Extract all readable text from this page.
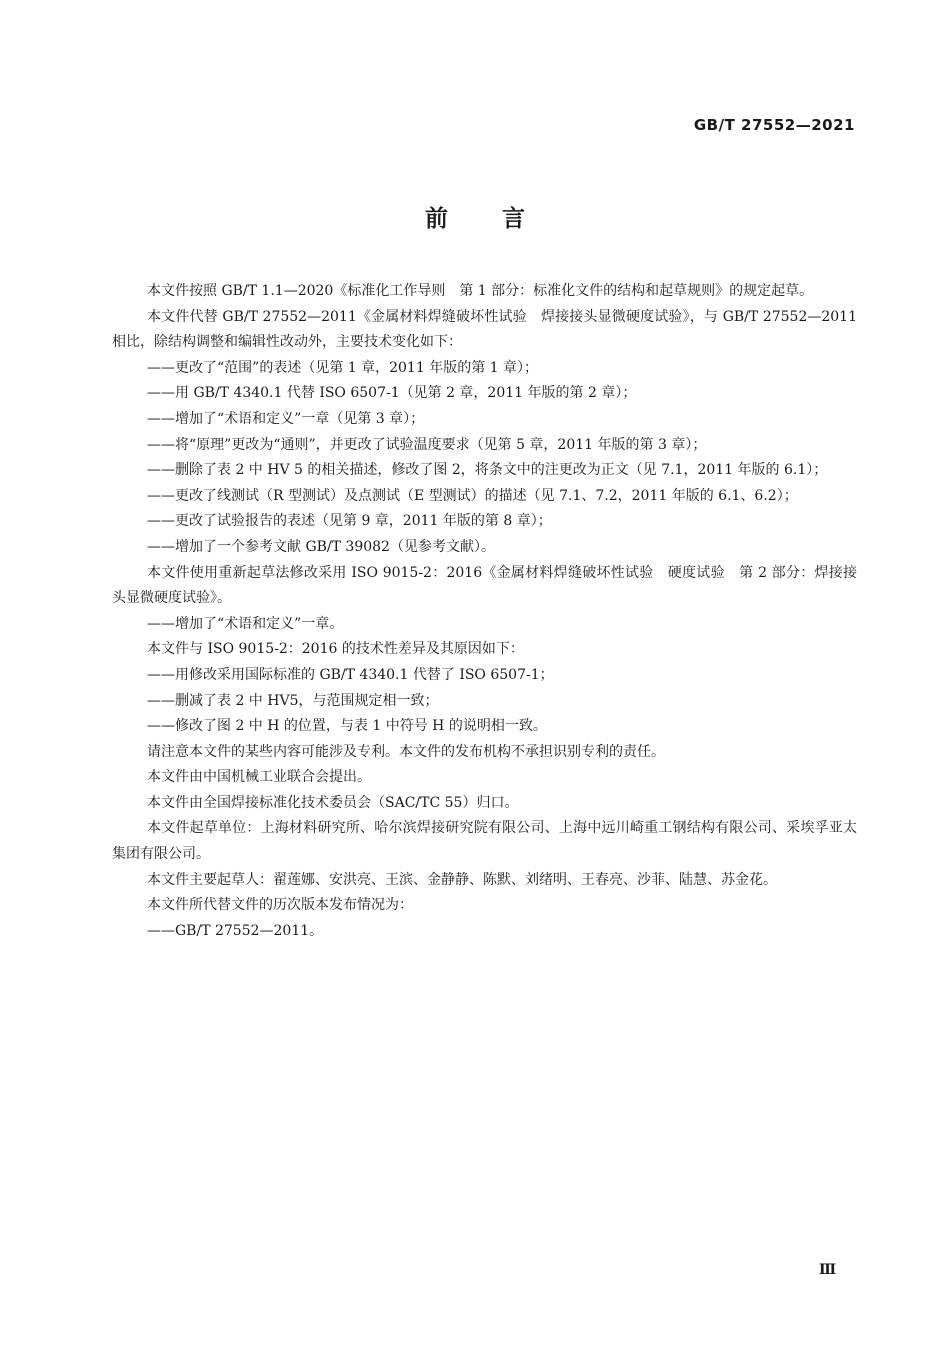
GB/T 27552—2021
前言

本文件按照 GB/T 1.1—2020《标准化工作导则　第 1 部分：标准化文件的结构和起草规则》的规定起草。

本文件代替 GB/T 27552—2011《金属材料焊缝破坏性试验　焊接接头显微硬度试验》，与 GB/T 27552—2011 相比，除结构调整和编辑性改动外，主要技术变化如下：

——更改了“范围”的表述（见第 1 章，2011 年版的第 1 章）；

——用 GB/T 4340.1 代替 ISO 6507-1（见第 2 章，2011 年版的第 2 章）；

——增加了“术语和定义”一章（见第 3 章）；

——将“原理”更改为“通则”，并更改了试验温度要求（见第 5 章，2011 年版的第 3 章）；

——删除了表 2 中 HV 5 的相关描述，修改了图 2，将条文中的注更改为正文（见 7.1，2011 年版的 6.1）；

——更改了线测试（R 型测试）及点测试（E 型测试）的描述（见 7.1、7.2，2011 年版的 6.1、6.2）；

——更改了试验报告的表述（见第 9 章，2011 年版的第 8 章）；

——增加了一个参考文献 GB/T 39082（见参考文献）。

本文件使用重新起草法修改采用 ISO 9015-2：2016《金属材料焊缝破坏性试验　硬度试验　第 2 部分：焊接接头显微硬度试验》。

——增加了“术语和定义”一章。

本文件与 ISO 9015-2：2016 的技术性差异及其原因如下：

——用修改采用国际标准的 GB/T 4340.1 代替了 ISO 6507-1；

——删减了表 2 中 HV5，与范围规定相一致；

——修改了图 2 中 H 的位置，与表 1 中符号 H 的说明相一致。

请注意本文件的某些内容可能涉及专利。本文件的发布机构不承担识别专利的责任。

本文件由中国机械工业联合会提出。

本文件由全国焊接标准化技术委员会（SAC/TC 55）归口。

本文件起草单位：上海材料研究所、哈尔滨焊接研究院有限公司、上海中远川崎重工钢结构有限公司、采埃孚亚太集团有限公司。

本文件主要起草人：翟莲娜、安洪亮、王滨、金静静、陈默、刘绪明、王春亮、沙菲、陆慧、苏金花。

本文件所代替文件的历次版本发布情况为：

——GB/T 27552—2011。

Ⅲ
